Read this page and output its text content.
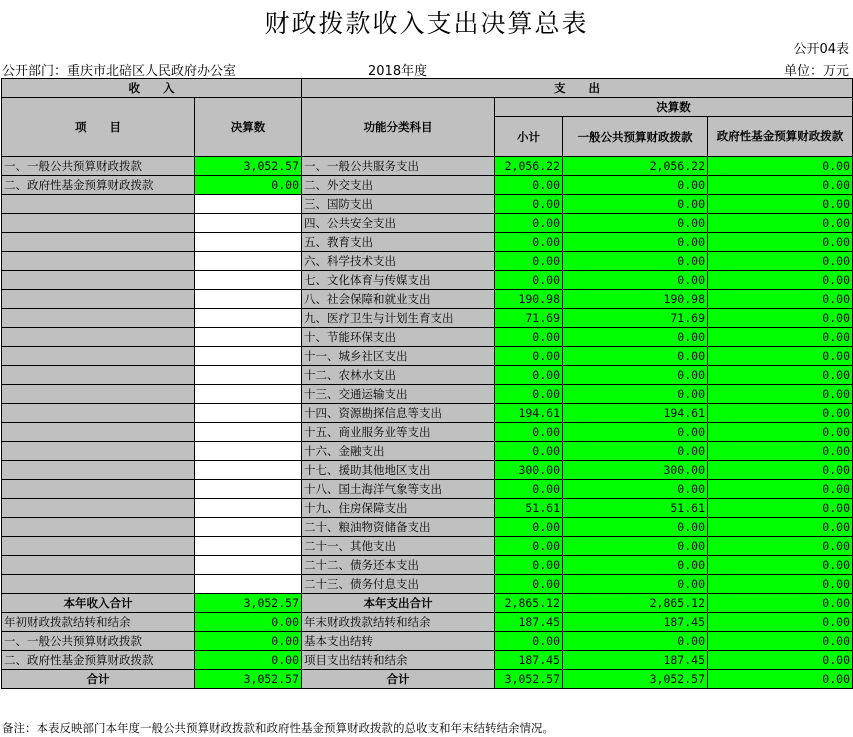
财政拨款收入支出决算总表
公开04表
公开部门：重庆市北碚区人民政府办公室	2018年度	单位：万元
收　　入		支　　出			
项　　目	决算数	功能分类科目	决算数		
			小计	一般公共预算财政拨款	政府性基金预算财政拨款
一、一般公共预算财政拨款	3,052.57	一、一般公共服务支出	2,056.22	2,056.22	0.00
二、政府性基金预算财政拨款	0.00	二、外交支出	0.00	0.00	0.00
		三、国防支出	0.00	0.00	0.00
		四、公共安全支出	0.00	0.00	0.00
		五、教育支出	0.00	0.00	0.00
		六、科学技术支出	0.00	0.00	0.00
		七、文化体育与传媒支出	0.00	0.00	0.00
		八、社会保障和就业支出	190.98	190.98	0.00
		九、医疗卫生与计划生育支出	71.69	71.69	0.00
		十、节能环保支出	0.00	0.00	0.00
		十一、城乡社区支出	0.00	0.00	0.00
		十二、农林水支出	0.00	0.00	0.00
		十三、交通运输支出	0.00	0.00	0.00
		十四、资源勘探信息等支出	194.61	194.61	0.00
		十五、商业服务业等支出	0.00	0.00	0.00
		十六、金融支出	0.00	0.00	0.00
		十七、援助其他地区支出	300.00	300.00	0.00
		十八、国土海洋气象等支出	0.00	0.00	0.00
		十九、住房保障支出	51.61	51.61	0.00
		二十、粮油物资储备支出	0.00	0.00	0.00
		二十一、其他支出	0.00	0.00	0.00
		二十二、债务还本支出	0.00	0.00	0.00
		二十三、债务付息支出	0.00	0.00	0.00
本年收入合计	3,052.57	本年支出合计	2,865.12	2,865.12	0.00
年初财政拨款结转和结余	0.00	年末财政拨款结转和结余	187.45	187.45	0.00
一、一般公共预算财政拨款	0.00	基本支出结转	0.00	0.00	0.00
二、政府性基金预算财政拨款	0.00	项目支出结转和结余	187.45	187.45	0.00
合计	3,052.57	合计	3,052.57	3,052.57	0.00
备注：本表反映部门本年度一般公共预算财政拨款和政府性基金预算财政拨款的总收支和年末结转结余情况。
